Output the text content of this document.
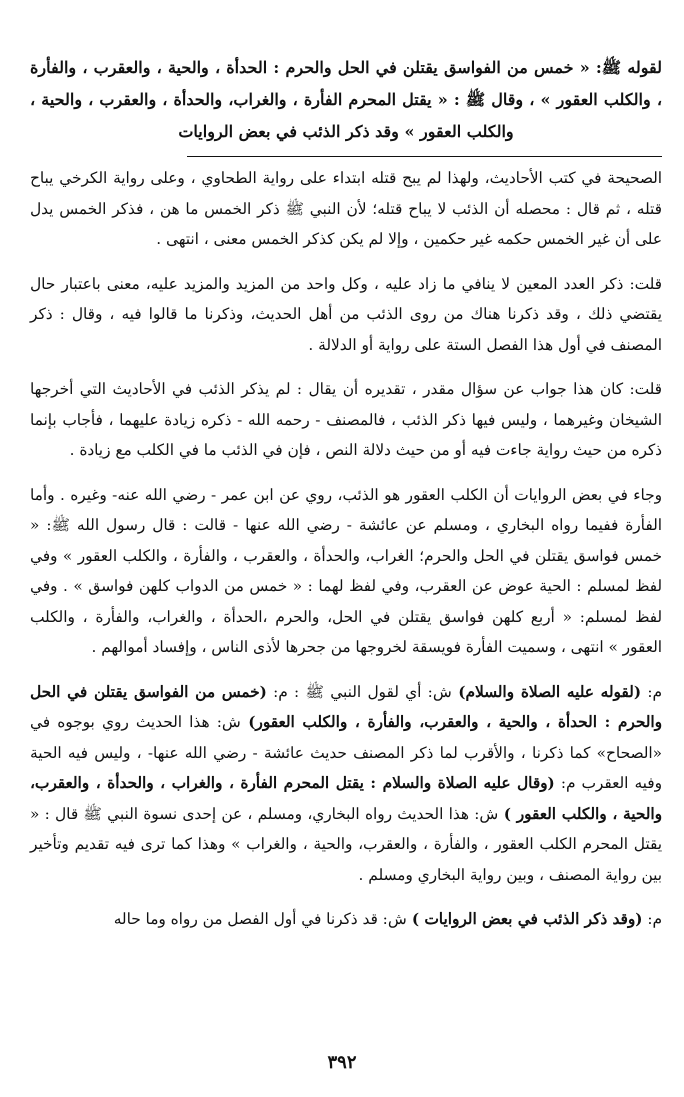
لقوله ﷺ: « خمس من الفواسق يقتلن في الحل والحرم : الحدأة ، والحية ، والعقرب ، والفأرة ، والكلب العقور » ، وقال ﷺ : « يقتل المحرم الفأرة ، والغراب، والحدأة ، والعقرب ، والحية ، والكلب العقور » وقد ذكر الذئب في بعض الروايات

الصحيحة في كتب الأحاديث، ولهذا لم يبح قتله ابتداء على رواية الطحاوي ، وعلى رواية الكرخي يباح قتله ، ثم قال : محصله أن الذئب لا يباح قتله؛ لأن النبي ﷺ ذكر الخمس ما هن ، فذكر الخمس يدل على أن غير الخمس حكمه غير حكمين ، وإلا لم يكن كذكر الخمس معنى ، انتهى .

قلت: ذكر العدد المعين لا ينافي ما زاد عليه ، وكل واحد من المزيد والمزيد عليه، معنى باعتبار حال يقتضي ذلك ، وقد ذكرنا هناك من روى الذئب من أهل الحديث، وذكرنا ما قالوا فيه ، وقال : ذكر المصنف في أول هذا الفصل الستة على رواية أو الدلالة .

قلت: كان هذا جواب عن سؤال مقدر ، تقديره أن يقال : لم يذكر الذئب في الأحاديث التي أخرجها الشيخان وغيرهما ، وليس فيها ذكر الذئب ، فالمصنف - رحمه الله - ذكره زيادة عليهما ، فأجاب بإنما ذكره من حيث رواية جاءت فيه أو من حيث دلالة النص ، فإن في الذئب ما في الكلب مع زيادة .

وجاء في بعض الروايات أن الكلب العقور هو الذئب، روي عن ابن عمر - رضي الله عنه- وغيره . وأما الفأرة ففيما رواه البخاري ، ومسلم عن عائشة - رضي الله عنها - قالت : قال رسول الله ﷺ: « خمس فواسق يقتلن في الحل والحرم؛ الغراب، والحدأة ، والعقرب ، والفأرة ، والكلب العقور » وفي لفظ لمسلم : الحية عوض عن العقرب، وفي لفظ لهما : « خمس من الدواب كلهن فواسق » . وفي لفظ لمسلم: « أربع كلهن فواسق يقتلن في الحل، والحرم ،الحدأة ، والغراب، والفأرة ، والكلب العقور » انتهى ، وسميت الفأرة فويسقة لخروجها من جحرها لأذى الناس ، وإفساد أموالهم .

م: (لقوله عليه الصلاة والسلام) ش: أي لقول النبي ﷺ : م: (خمس من الفواسق يقتلن في الحل والحرم : الحدأة ، والحية ، والعقرب، والفأرة ، والكلب العقور) ش: هذا الحديث روي بوجوه في «الصحاح» كما ذكرنا ، والأقرب لما ذكر المصنف حديث عائشة - رضي الله عنها- ، وليس فيه الحية وفيه العقرب م: (وقال عليه الصلاة والسلام : يقتل المحرم الفأرة ، والغراب ، والحدأة ، والعقرب، والحية ، والكلب العقور ) ش: هذا الحديث رواه البخاري، ومسلم ، عن إحدى نسوة النبي ﷺ قال : « يقتل المحرم الكلب العقور ، والفأرة ، والعقرب، والحية ، والغراب » وهذا كما ترى فيه تقديم وتأخير بين رواية المصنف ، وبين رواية البخاري ومسلم .

م: (وقد ذكر الذئب في بعض الروايات ) ش: قد ذكرنا في أول الفصل من رواه وما حاله

٣٩٢
